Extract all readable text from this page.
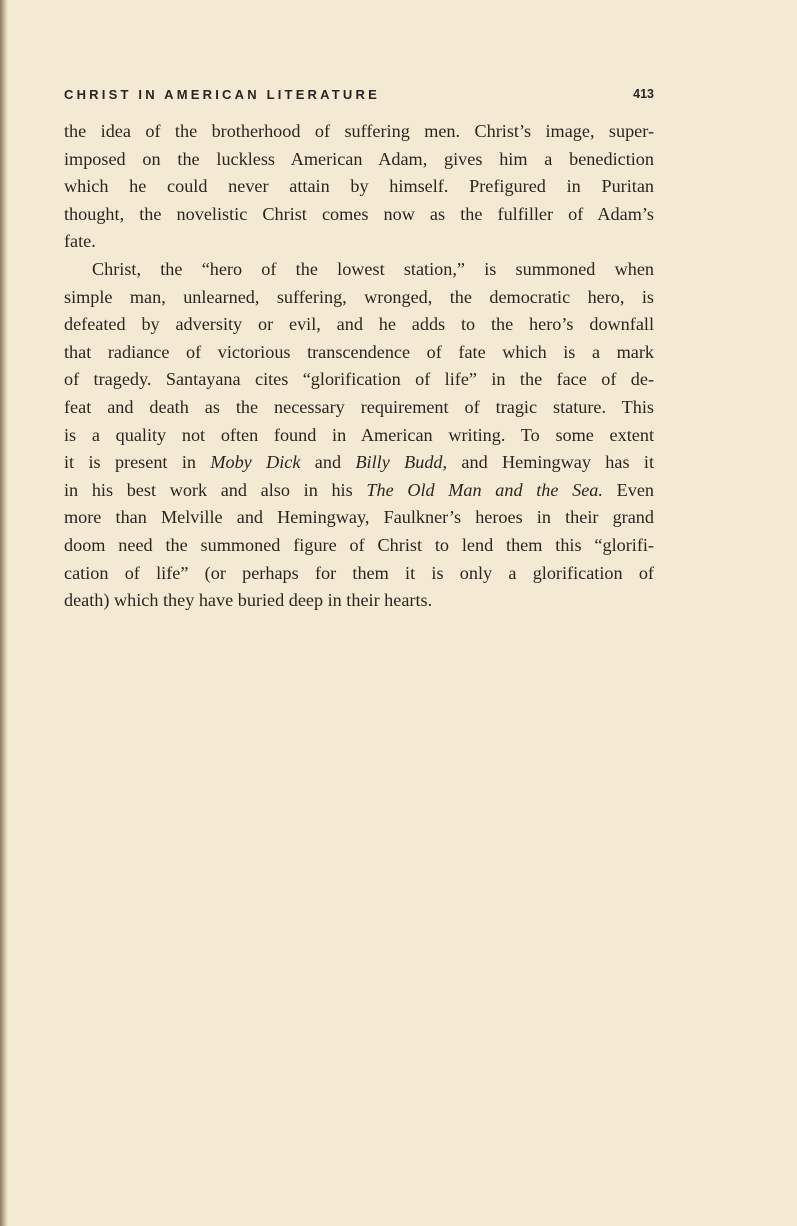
CHRIST IN AMERICAN LITERATURE	413
the idea of the brotherhood of suffering men. Christ’s image, super-
imposed on the luckless American Adam, gives him a benediction
which he could never attain by himself. Prefigured in Puritan
thought, the novelistic Christ comes now as the fulfiller of Adam’s
fate.
Christ, the “hero of the lowest station,” is summoned when
simple man, unlearned, suffering, wronged, the democratic hero, is
defeated by adversity or evil, and he adds to the hero’s downfall
that radiance of victorious transcendence of fate which is a mark
of tragedy. Santayana cites “glorification of life” in the face of de-
feat and death as the necessary requirement of tragic stature. This
is a quality not often found in American writing. To some extent
it is present in Moby Dick and Billy Budd, and Hemingway has it
in his best work and also in his The Old Man and the Sea. Even
more than Melville and Hemingway, Faulkner’s heroes in their grand
doom need the summoned figure of Christ to lend them this “glorifi-
cation of life” (or perhaps for them it is only a glorification of
death) which they have buried deep in their hearts.
